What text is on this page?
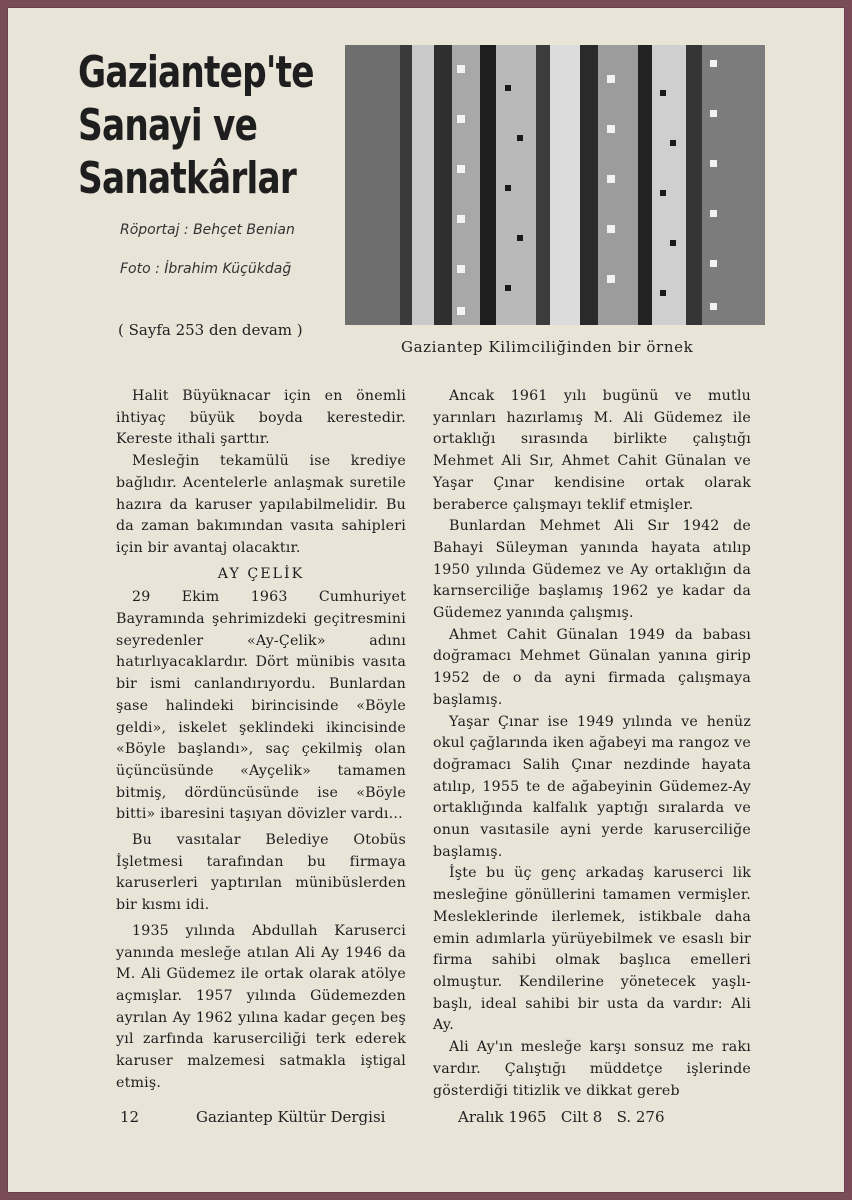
Gaziantep'te
Sanayi ve
Sanatkârlar
Röportaj : Behçet Benian
Foto : İbrahim Küçükdağ
( Sayfa 253 den devam )
Gaziantep Kilimciliğinden bir örnek

Halit Büyüknacar için en önemli ihtiyaç büyük boyda kerestedir. Kereste ithali şarttır.

Mesleğin tekamülü ise krediye bağlıdır. Acentelerle anlaşmak suretile hazıra da karuser yapılabilmelidir. Bu da zaman bakımından vasıta sahipleri için bir avantaj olacaktır.

AY ÇELİK

29 Ekim 1963 Cumhuriyet Bayramında şehrimizdeki geçitresmini seyredenler «Ay-Çelik» adını hatırlıyacaklardır. Dört münibis vasıta bir ismi canlandırıyordu. Bunlardan şase halindeki birincisinde «Böyle geldi», iskelet şeklindeki ikincisinde «Böyle başlandı», saç çekilmiş olan üçüncüsünde «Ayçelik» tamamen bitmiş, dördüncüsünde ise «Böyle bitti» ibaresini taşıyan dövizler vardı...

Bu vasıtalar Belediye Otobüs İşletmesi tarafından bu firmaya karuserleri yaptırılan münibüslerden bir kısmı idi.

1935 yılında Abdullah Karuserci yanında mesleğe atılan Ali Ay 1946 da M. Ali Güdemez ile ortak olarak atölye açmışlar. 1957 yılında Güdemezden ayrılan Ay 1962 yılına kadar geçen beş yıl zarfında karuserciliği terk ederek karuser malzemesi satmakla iştigal etmiş.

Ancak 1961 yılı bugünü ve mutlu yarınları hazırlamış M. Ali Güdemez ile ortaklığı sırasında birlikte çalıştığı Mehmet Ali Sır, Ahmet Cahit Günalan ve Yaşar Çınar kendisine ortak olarak beraberce çalışmayı teklif etmişler.

Bunlardan Mehmet Ali Sır 1942 de Bahayi Süleyman yanında hayata atılıp 1950 yılında Güdemez ve Ay ortaklığın da karnserciliğe başlamış 1962 ye kadar da Güdemez yanında çalışmış.

Ahmet Cahit Günalan 1949 da babası doğramacı Mehmet Günalan yanına girip 1952 de o da ayni firmada çalışmaya başlamış.

Yaşar Çınar ise 1949 yılında ve henüz okul çağlarında iken ağabeyi ma rangoz ve doğramacı Salih Çınar nezdinde hayata atılıp, 1955 te de ağabeyinin Güdemez-Ay ortaklığında kalfalık yaptığı sıralarda ve onun vasıtasile ayni yerde karuserciliğe başlamış.

İşte bu üç genç arkadaş karuserci lik mesleğine gönüllerini tamamen vermişler. Mesleklerinde ilerlemek, istikbale daha emin adımlarla yürüyebilmek ve esaslı bir firma sahibi olmak başlıca emelleri olmuştur. Kendilerine yönetecek yaşlı-başlı, ideal sahibi bir usta da vardır: Ali Ay.

Ali Ay'ın mesleğe karşı sonsuz me rakı vardır. Çalıştığı müddetçe işlerinde gösterdiği titizlik ve dikkat gereb

12	Gaziantep Kültür Dergisi	Aralık 1965   Cilt 8   S. 276
